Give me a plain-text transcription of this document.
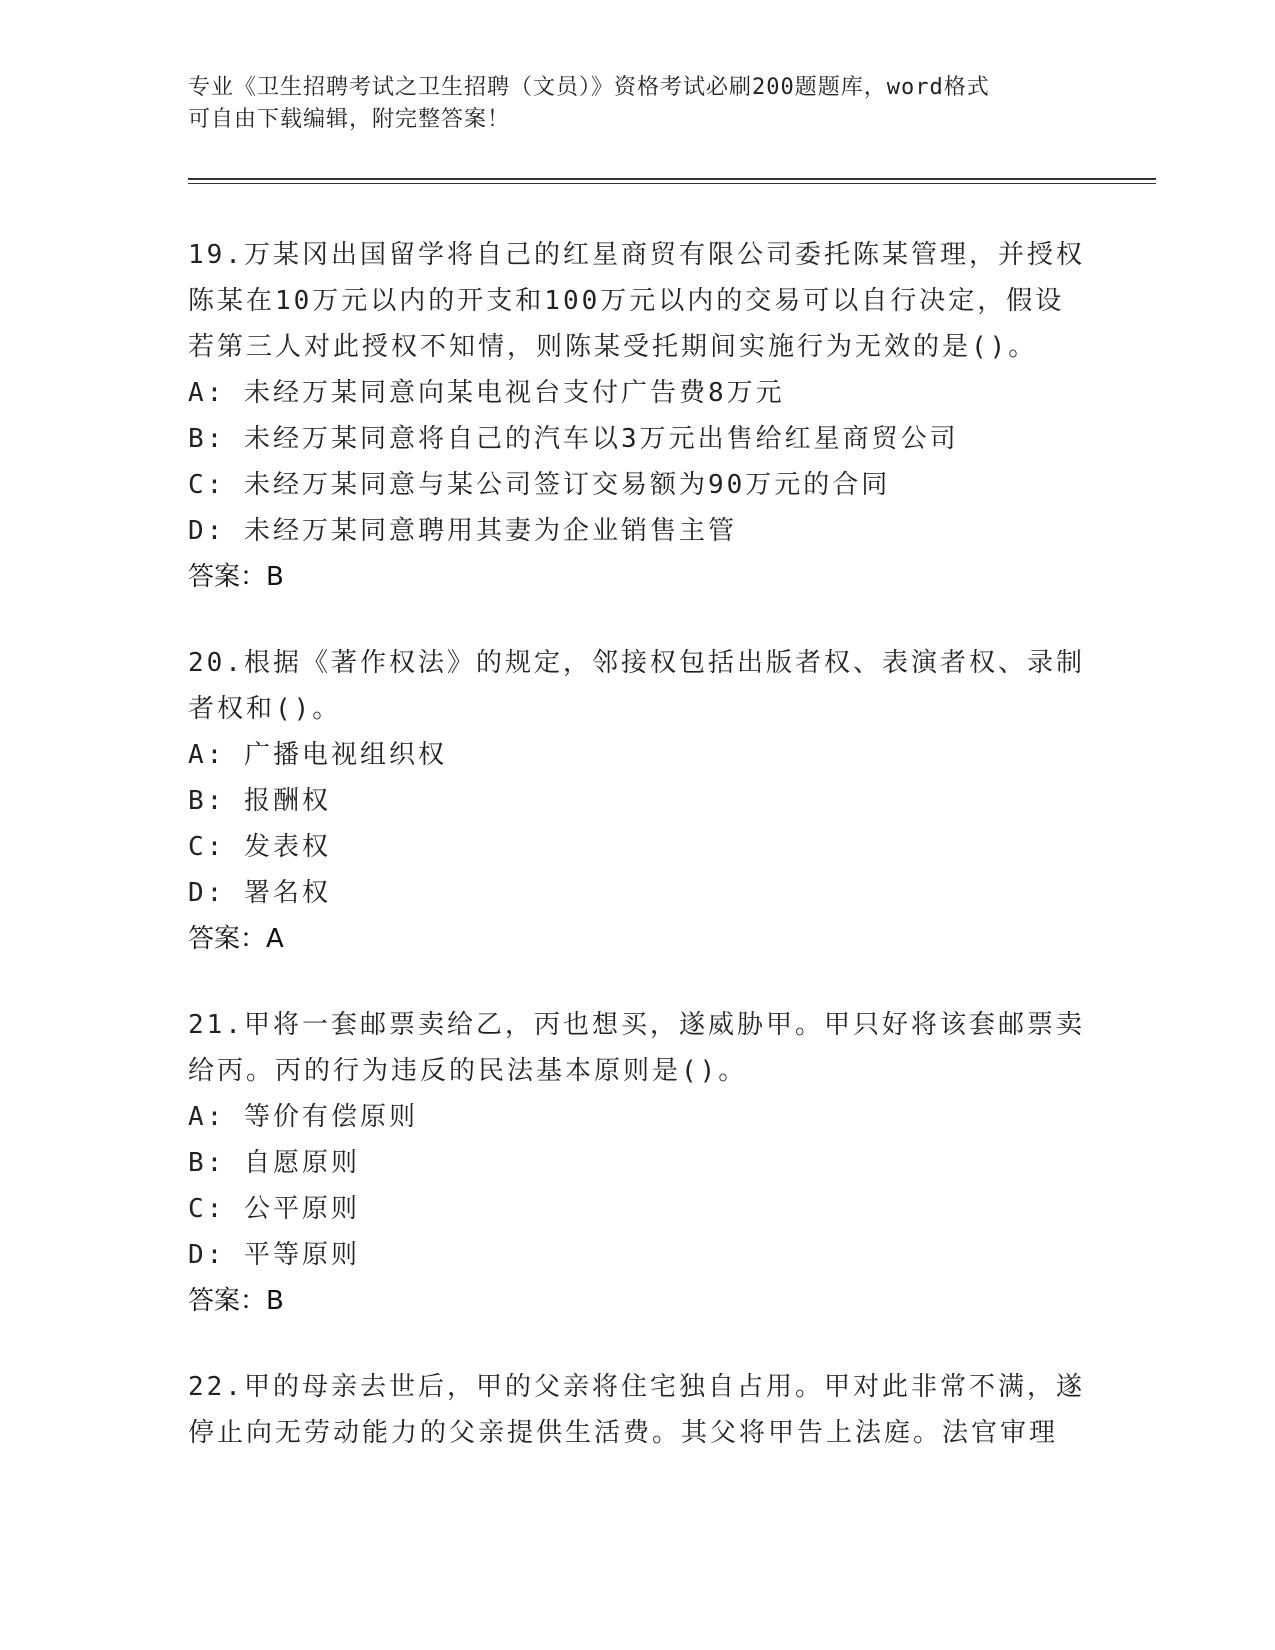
专业《卫生招聘考试之卫生招聘（文员）》资格考试必刷200题题库，word格式
可自由下载编辑，附完整答案！

19.万某冈出国留学将自己的红星商贸有限公司委托陈某管理，并授权陈某在10万元以内的开支和100万元以内的交易可以自行决定，假设若第三人对此授权不知情，则陈某受托期间实施行为无效的是()。

A: 未经万某同意向某电视台支付广告费8万元

B: 未经万某同意将自己的汽车以3万元出售给红星商贸公司

C: 未经万某同意与某公司签订交易额为90万元的合同

D: 未经万某同意聘用其妻为企业销售主管

答案：B

20.根据《著作权法》的规定，邻接权包括出版者权、表演者权、录制者权和()。

A: 广播电视组织权

B: 报酬权

C: 发表权

D: 署名权

答案：A

21.甲将一套邮票卖给乙，丙也想买，遂威胁甲。甲只好将该套邮票卖给丙。丙的行为违反的民法基本原则是()。

A: 等价有偿原则

B: 自愿原则

C: 公平原则

D: 平等原则

答案：B

22.甲的母亲去世后，甲的父亲将住宅独自占用。甲对此非常不满，遂停止向无劳动能力的父亲提供生活费。其父将甲告上法庭。法官审理
